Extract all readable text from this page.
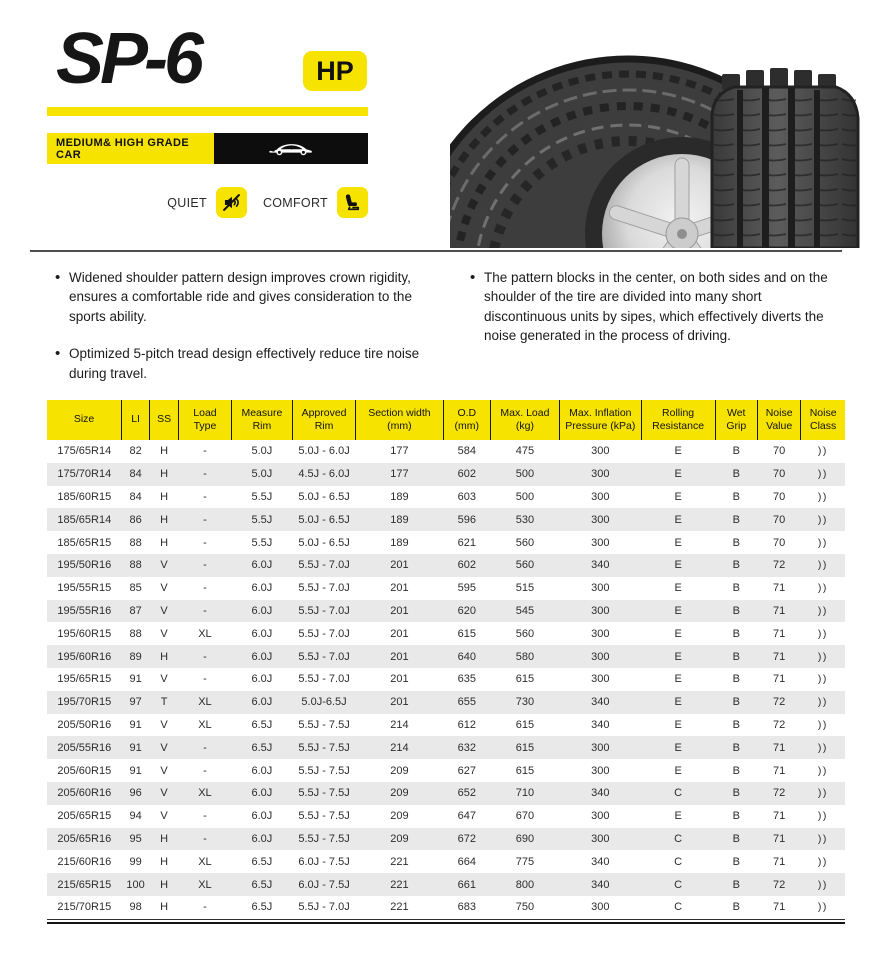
SP-6	HP
MEDIUM& HIGH GRADE CAR
QUIET	COMFORT
• Widened shoulder pattern design improves crown rigidity, ensures a comfortable ride and gives consideration to the sports ability.
• Optimized 5-pitch tread design effectively reduce tire noise during travel.
• The pattern blocks in the center, on both sides and on the shoulder of the tire are divided into many short discontinuous units by sipes, which effectively diverts the noise generated in the process of driving.
Size	LI	SS	Load Type	Measure Rim	Approved Rim	Section width (mm)	O.D (mm)	Max. Load (kg)	Max. Inflation Pressure (kPa)	Rolling Resistance	Wet Grip	Noise Value	Noise Class
175/65R14	82	H	-	5.0J	5.0J - 6.0J	177	584	475	300	E	B	70	))
175/70R14	84	H	-	5.0J	4.5J - 6.0J	177	602	500	300	E	B	70	))
185/60R15	84	H	-	5.5J	5.0J - 6.5J	189	603	500	300	E	B	70	))
185/65R14	86	H	-	5.5J	5.0J - 6.5J	189	596	530	300	E	B	70	))
185/65R15	88	H	-	5.5J	5.0J - 6.5J	189	621	560	300	E	B	70	))
195/50R16	88	V	-	6.0J	5.5J - 7.0J	201	602	560	340	E	B	72	))
195/55R15	85	V	-	6.0J	5.5J - 7.0J	201	595	515	300	E	B	71	))
195/55R16	87	V	-	6.0J	5.5J - 7.0J	201	620	545	300	E	B	71	))
195/60R15	88	V	XL	6.0J	5.5J - 7.0J	201	615	560	300	E	B	71	))
195/60R16	89	H	-	6.0J	5.5J - 7.0J	201	640	580	300	E	B	71	))
195/65R15	91	V	-	6.0J	5.5J - 7.0J	201	635	615	300	E	B	71	))
195/70R15	97	T	XL	6.0J	5.0J-6.5J	201	655	730	340	E	B	72	))
205/50R16	91	V	XL	6.5J	5.5J - 7.5J	214	612	615	340	E	B	72	))
205/55R16	91	V	-	6.5J	5.5J - 7.5J	214	632	615	300	E	B	71	))
205/60R15	91	V	-	6.0J	5.5J - 7.5J	209	627	615	300	E	B	71	))
205/60R16	96	V	XL	6.0J	5.5J - 7.5J	209	652	710	340	C	B	72	))
205/65R15	94	V	-	6.0J	5.5J - 7.5J	209	647	670	300	E	B	71	))
205/65R16	95	H	-	6.0J	5.5J - 7.5J	209	672	690	300	C	B	71	))
215/60R16	99	H	XL	6.5J	6.0J - 7.5J	221	664	775	340	C	B	71	))
215/65R15	100	H	XL	6.5J	6.0J - 7.5J	221	661	800	340	C	B	72	))
215/70R15	98	H	-	6.5J	5.5J - 7.0J	221	683	750	300	C	B	71	))
